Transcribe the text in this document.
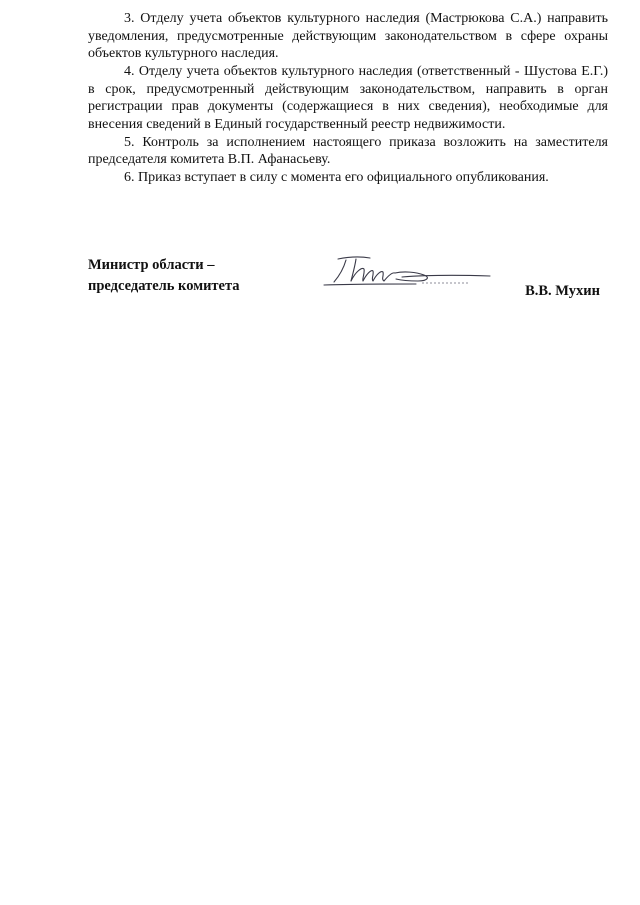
3. Отделу учета объектов культурного наследия (Мастрюкова С.А.) направить уведомления, предусмотренные действующим законодательством в сфере охраны объектов культурного наследия.

4. Отделу учета объектов культурного наследия (ответственный - Шустова Е.Г.) в срок, предусмотренный действующим законодательством, направить в орган регистрации прав документы (содержащиеся в них сведения), необходимые для внесения сведений в Единый государственный реестр недвижимости.

5. Контроль за исполнением настоящего приказа возложить на заместителя председателя комитета В.П. Афанасьеву.

6. Приказ вступает в силу с момента его официального опубликования.

Министр области –
председатель комитета	В.В. Мухин
